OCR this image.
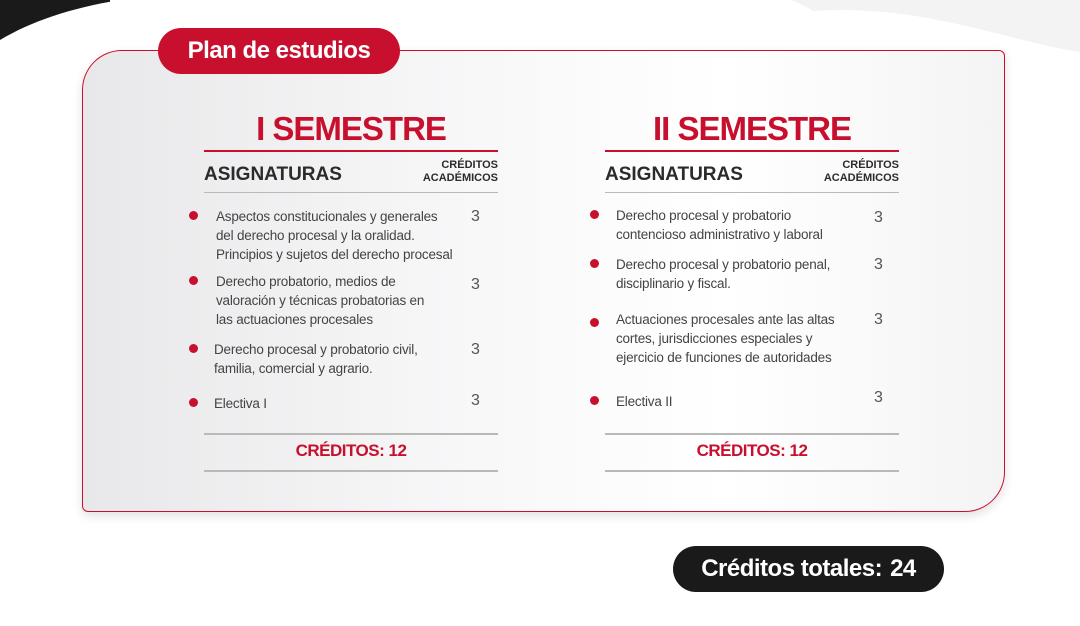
Plan de estudios
I SEMESTRE
ASIGNATURAS	CRÉDITOS
ACADÉMICOS
Aspectos constitucionales y generales
del derecho procesal y la oralidad.
Principios y sujetos del derecho procesal
3
Derecho probatorio, medios de
valoración y técnicas probatorias en
las actuaciones procesales
3
Derecho procesal y probatorio civil,
familia, comercial y agrario.
3
Electiva I	3
CRÉDITOS: 12
II SEMESTRE
ASIGNATURAS	CRÉDITOS
ACADÉMICOS
Derecho procesal y probatorio
contencioso administrativo y laboral
3
Derecho procesal y probatorio penal,
disciplinario y fiscal.
3
Actuaciones procesales ante las altas
cortes, jurisdicciones especiales y
ejercicio de funciones de autoridades
3
Electiva II	3
CRÉDITOS: 12
Créditos totales: 24
